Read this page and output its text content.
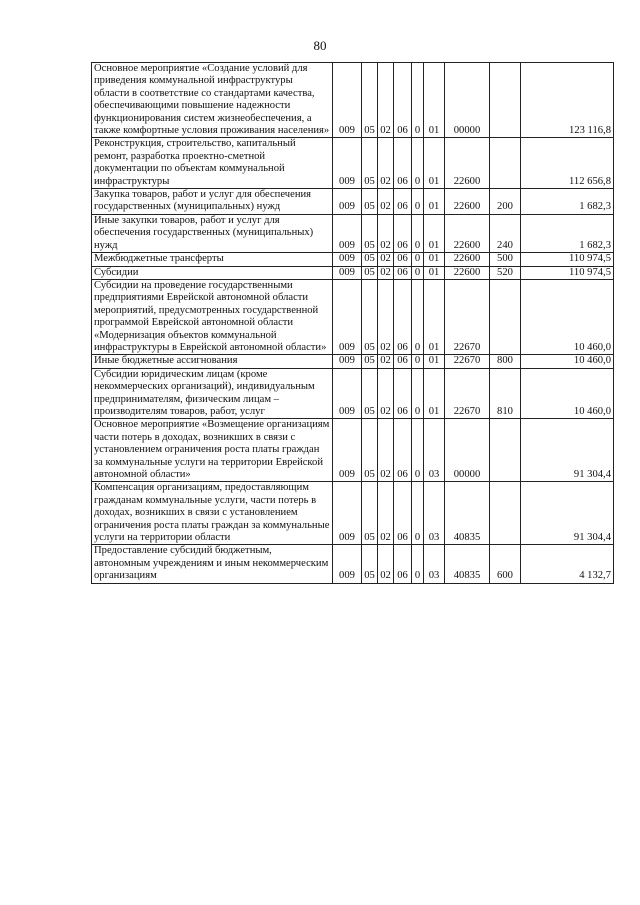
80
Основное мероприятие «Создание условий для приведения коммунальной инфраструктуры области в соответствие со стандартами качества, обеспечивающими повышение надежности функционирования систем жизнеобеспечения, а также комфортные условия проживания населения»	009	05	02	06	0	01	00000		123 116,8
Реконструкция, строительство, капитальный ремонт, разработка проектно-сметной документации по объектам коммунальной инфраструктуры	009	05	02	06	0	01	22600		112 656,8
Закупка товаров, работ и услуг для обеспечения государственных (муниципальных) нужд	009	05	02	06	0	01	22600	200	1 682,3
Иные закупки товаров, работ и услуг для обеспечения государственных (муниципальных) нужд	009	05	02	06	0	01	22600	240	1 682,3
Межбюджетные трансферты	009	05	02	06	0	01	22600	500	110 974,5
Субсидии	009	05	02	06	0	01	22600	520	110 974,5
Субсидии на проведение государственными предприятиями Еврейской автономной области мероприятий, предусмотренных государственной программой Еврейской автономной области «Модернизация объектов коммунальной инфраструктуры в Еврейской автономной области»	009	05	02	06	0	01	22670		10 460,0
Иные бюджетные ассигнования	009	05	02	06	0	01	22670	800	10 460,0
Субсидии юридическим лицам (кроме некоммерческих организаций), индивидуальным предпринимателям, физическим лицам – производителям товаров, работ, услуг	009	05	02	06	0	01	22670	810	10 460,0
Основное мероприятие «Возмещение организациям части потерь в доходах, возникших в связи с установлением ограничения роста платы граждан за коммунальные услуги на территории Еврейской автономной области»	009	05	02	06	0	03	00000		91 304,4
Компенсация организациям, предоставляющим гражданам коммунальные услуги, части потерь в доходах, возникших в связи с установлением ограничения роста платы граждан за коммунальные услуги на территории области	009	05	02	06	0	03	40835		91 304,4
Предоставление субсидий бюджетным, автономным учреждениям и иным некоммерческим организациям	009	05	02	06	0	03	40835	600	4 132,7
